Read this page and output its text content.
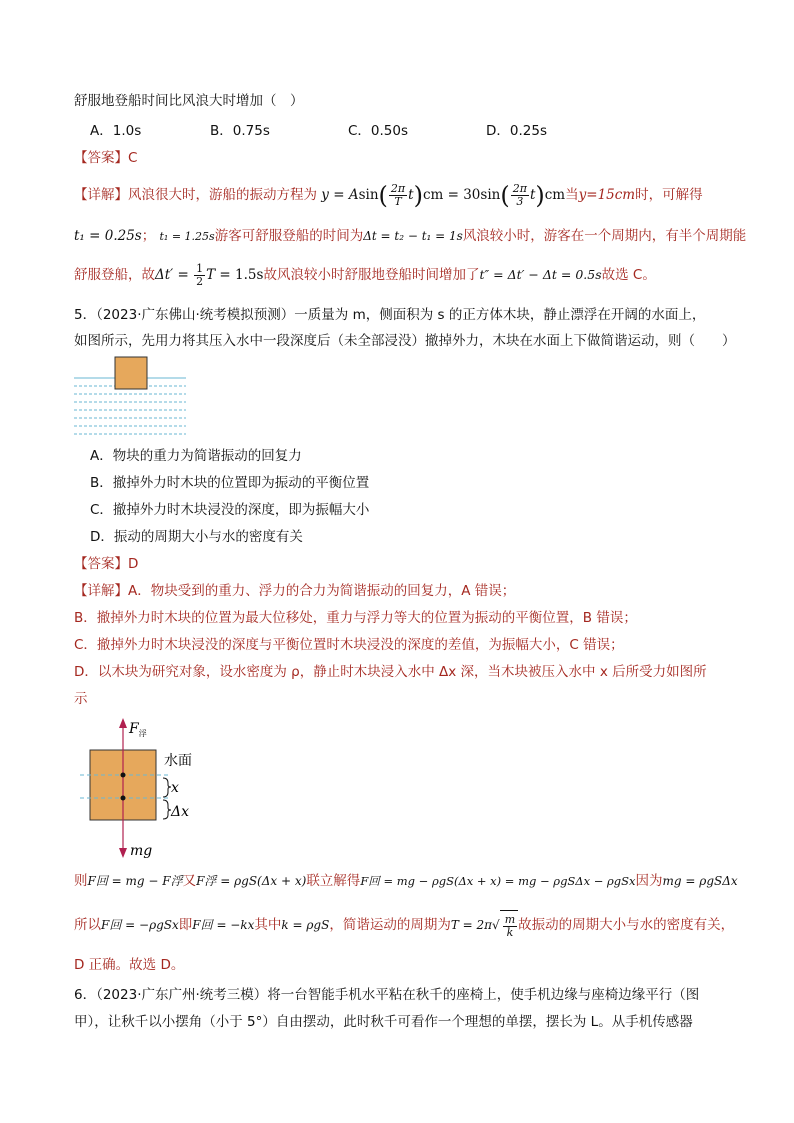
舒服地登船时间比风浪大时增加（　）
A．1.0s	B．0.75s	C．0.50s	D．0.25s
【答案】C
【详解】风浪很大时，游船的振动方程为 $y = Asin( \frac{2\pi}{T} t)cm = 30\sin( \frac{2\pi}{3} t)cm$当y=15cm时，可解得
t₁ = 0.25s； t₁ = 1.25s游客可舒服登船的时间为Δt = t₂ − t₁ = 1s风浪较小时，游客在一个周期内，有半个周期能
舒服登船，故$\Delta t' = \frac{1}{2}$ T = 1.5s故风浪较小时舒服地登船时间增加了t″ = Δt′ − Δt = 0.5s故选 C。
5．（2023·广东佛山·统考模拟预测）一质量为 m，侧面积为 s 的正方体木块，静止漂浮在开阔的水面上，
如图所示，先用力将其压入水中一段深度后（未全部浸没）撤掉外力，木块在水面上下做简谐运动，则（　　）
A．物块的重力为简谐振动的回复力
B．撤掉外力时木块的位置即为振动的平衡位置
C．撤掉外力时木块浸没的深度，即为振幅大小
D．振动的周期大小与水的密度有关
【答案】D
【详解】A．物块受到的重力、浮力的合力为简谐振动的回复力，A 错误；
B．撤掉外力时木块的位置为最大位移处，重力与浮力等大的位置为振动的平衡位置，B 错误；
C．撤掉外力时木块浸没的深度与平衡位置时木块浸没的深度的差值，为振幅大小，C 错误；
D．以木块为研究对象，设水密度为 ρ，静止时木块浸入水中 Δx 深，当木块被压入水中 x 后所受力如图所
示
$F_浮$
水面
x
Δx
mg
则F回 = mg − F浮又F浮 = ρgS(Δx + x)联立解得F回 = mg − ρgS(Δx + x) = mg − ρgSΔx − ρgSx因为mg = ρgSΔx
所以F回 = −ρgSx即F回 = −kx其中k = ρgS，简谐运动的周期为$T = 2\pi√ \frac{m}{k}$ 故振动的周期大小与水的密度有关，
D 正确。故选 D。
6．（2023·广东广州·统考三模）将一台智能手机水平粘在秋千的座椅上，使手机边缘与座椅边缘平行（图
甲），让秋千以小摆角（小于 5°）自由摆动，此时秋千可看作一个理想的单摆，摆长为 L。从手机传感器
